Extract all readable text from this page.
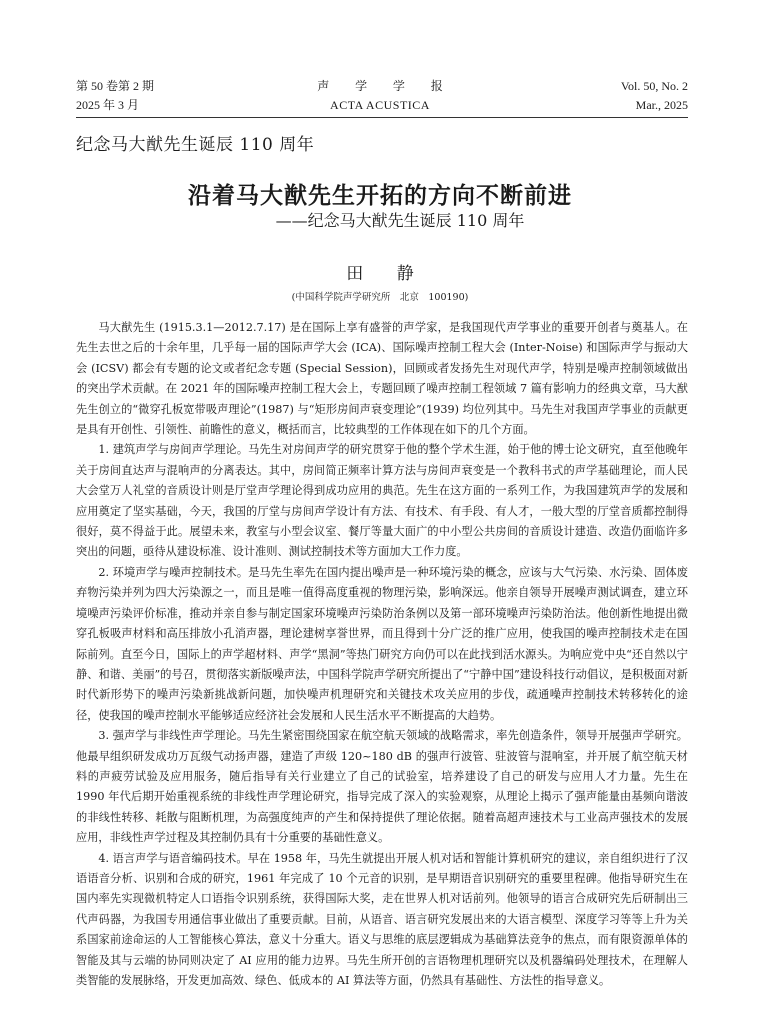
第 50 卷第 2 期
2025 年 3 月
声 学 学 报
ACTA ACUSTICA
Vol. 50, No. 2
Mar., 2025
纪念马大猷先生诞辰 110 周年
沿着马大猷先生开拓的方向不断前进
——纪念马大猷先生诞辰 110 周年
田 静
(中国科学院声学研究所　北京　100190)

马大猷先生 (1915.3.1—2012.7.17) 是在国际上享有盛誉的声学家，是我国现代声学事业的重要开创者与奠基人。在先生去世之后的十余年里，几乎每一届的国际声学大会 (ICA)、国际噪声控制工程大会 (Inter-Noise) 和国际声学与振动大会 (ICSV) 都会有专题的论文或者纪念专题 (Special Session)，回顾或者发扬先生对现代声学，特别是噪声控制领域做出的突出学术贡献。在 2021 年的国际噪声控制工程大会上，专题回顾了噪声控制工程领域 7 篇有影响力的经典文章，马大猷先生创立的“微穿孔板宽带吸声理论”(1987) 与“矩形房间声衰变理论”(1939) 均位列其中。马先生对我国声学事业的贡献更是具有开创性、引领性、前瞻性的意义，概括而言，比较典型的工作体现在如下的几个方面。

1. 建筑声学与房间声学理论。马先生对房间声学的研究贯穿于他的整个学术生涯，始于他的博士论文研究，直至他晚年关于房间直达声与混响声的分离表达。其中，房间简正频率计算方法与房间声衰变是一个教科书式的声学基础理论，而人民大会堂万人礼堂的音质设计则是厅堂声学理论得到成功应用的典范。先生在这方面的一系列工作，为我国建筑声学的发展和应用奠定了坚实基础，今天，我国的厅堂与房间声学设计有方法、有技术、有手段、有人才，一般大型的厅堂音质都控制得很好，莫不得益于此。展望未来，教室与小型会议室、餐厅等量大面广的中小型公共房间的音质设计建造、改造仍面临许多突出的问题，亟待从建设标准、设计准则、测试控制技术等方面加大工作力度。

2. 环境声学与噪声控制技术。是马先生率先在国内提出噪声是一种环境污染的概念，应该与大气污染、水污染、固体废弃物污染并列为四大污染源之一，而且是唯一值得高度重视的物理污染，影响深远。他亲自领导开展噪声测试调查，建立环境噪声污染评价标准，推动并亲自参与制定国家环境噪声污染防治条例以及第一部环境噪声污染防治法。他创新性地提出微穿孔板吸声材料和高压排放小孔消声器，理论建树享誉世界，而且得到十分广泛的推广应用，使我国的噪声控制技术走在国际前列。直至今日，国际上的声学超材料、声学“黑洞”等热门研究方向仍可以在此找到活水源头。为响应党中央“还自然以宁静、和谐、美丽”的号召，贯彻落实新版噪声法，中国科学院声学研究所提出了“宁静中国”建设科技行动倡议，是积极面对新时代新形势下的噪声污染新挑战新问题，加快噪声机理研究和关键技术攻关应用的步伐，疏通噪声控制技术转移转化的途径，使我国的噪声控制水平能够适应经济社会发展和人民生活水平不断提高的大趋势。

3. 强声学与非线性声学理论。马先生紧密围绕国家在航空航天领域的战略需求，率先创造条件，领导开展强声学研究。他最早组织研发成功万瓦级气动扬声器，建造了声级 120~180 dB 的强声行波管、驻波管与混响室，并开展了航空航天材料的声疲劳试验及应用服务，随后指导有关行业建立了自己的试验室，培养建设了自己的研发与应用人才力量。先生在 1990 年代后期开始重视系统的非线性声学理论研究，指导完成了深入的实验观察，从理论上揭示了强声能量由基频向谐波的非线性转移、耗散与阻断机理，为高强度纯声的产生和保持提供了理论依据。随着高超声速技术与工业高声强技术的发展应用，非线性声学过程及其控制仍具有十分重要的基础性意义。

4. 语言声学与语音编码技术。早在 1958 年，马先生就提出开展人机对话和智能计算机研究的建议，亲自组织进行了汉语语音分析、识别和合成的研究，1961 年完成了 10 个元音的识别，是早期语音识别研究的重要里程碑。他指导研究生在国内率先实现微机特定人口语指令识别系统，获得国际大奖，走在世界人机对话前列。他领导的语言合成研究先后研制出三代声码器，为我国专用通信事业做出了重要贡献。目前，从语音、语言研究发展出来的大语言模型、深度学习等等上升为关系国家前途命运的人工智能核心算法，意义十分重大。语义与思维的底层逻辑成为基础算法竞争的焦点，而有限资源单体的智能及其与云端的协同则决定了 AI 应用的能力边界。马先生所开创的言语物理机理研究以及机器编码处理技术，在理解人类智能的发展脉络，开发更加高效、绿色、低成本的 AI 算法等方面，仍然具有基础性、方法性的指导意义。
